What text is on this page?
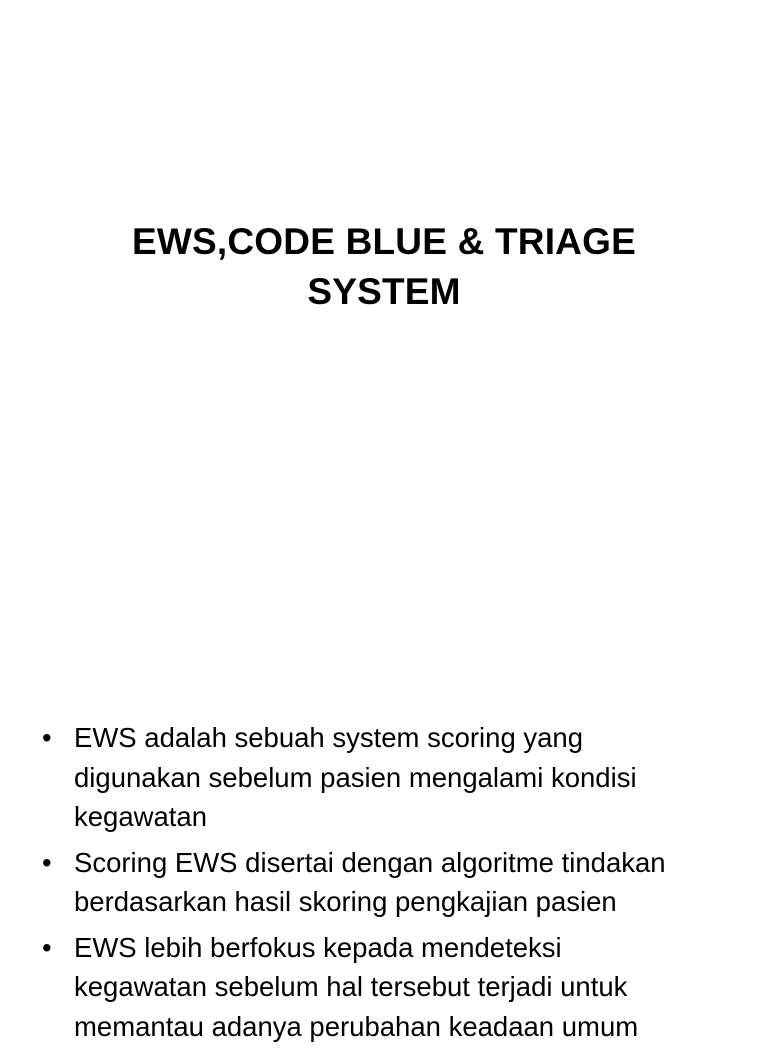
EWS,CODE BLUE & TRIAGE
SYSTEM
• EWS adalah sebuah system scoring yang
digunakan sebelum pasien mengalami kondisi
kegawatan
• Scoring EWS disertai dengan algoritme tindakan
berdasarkan hasil skoring pengkajian pasien
• EWS lebih berfokus kepada mendeteksi
kegawatan sebelum hal tersebut terjadi untuk
memantau adanya perubahan keadaan umum
